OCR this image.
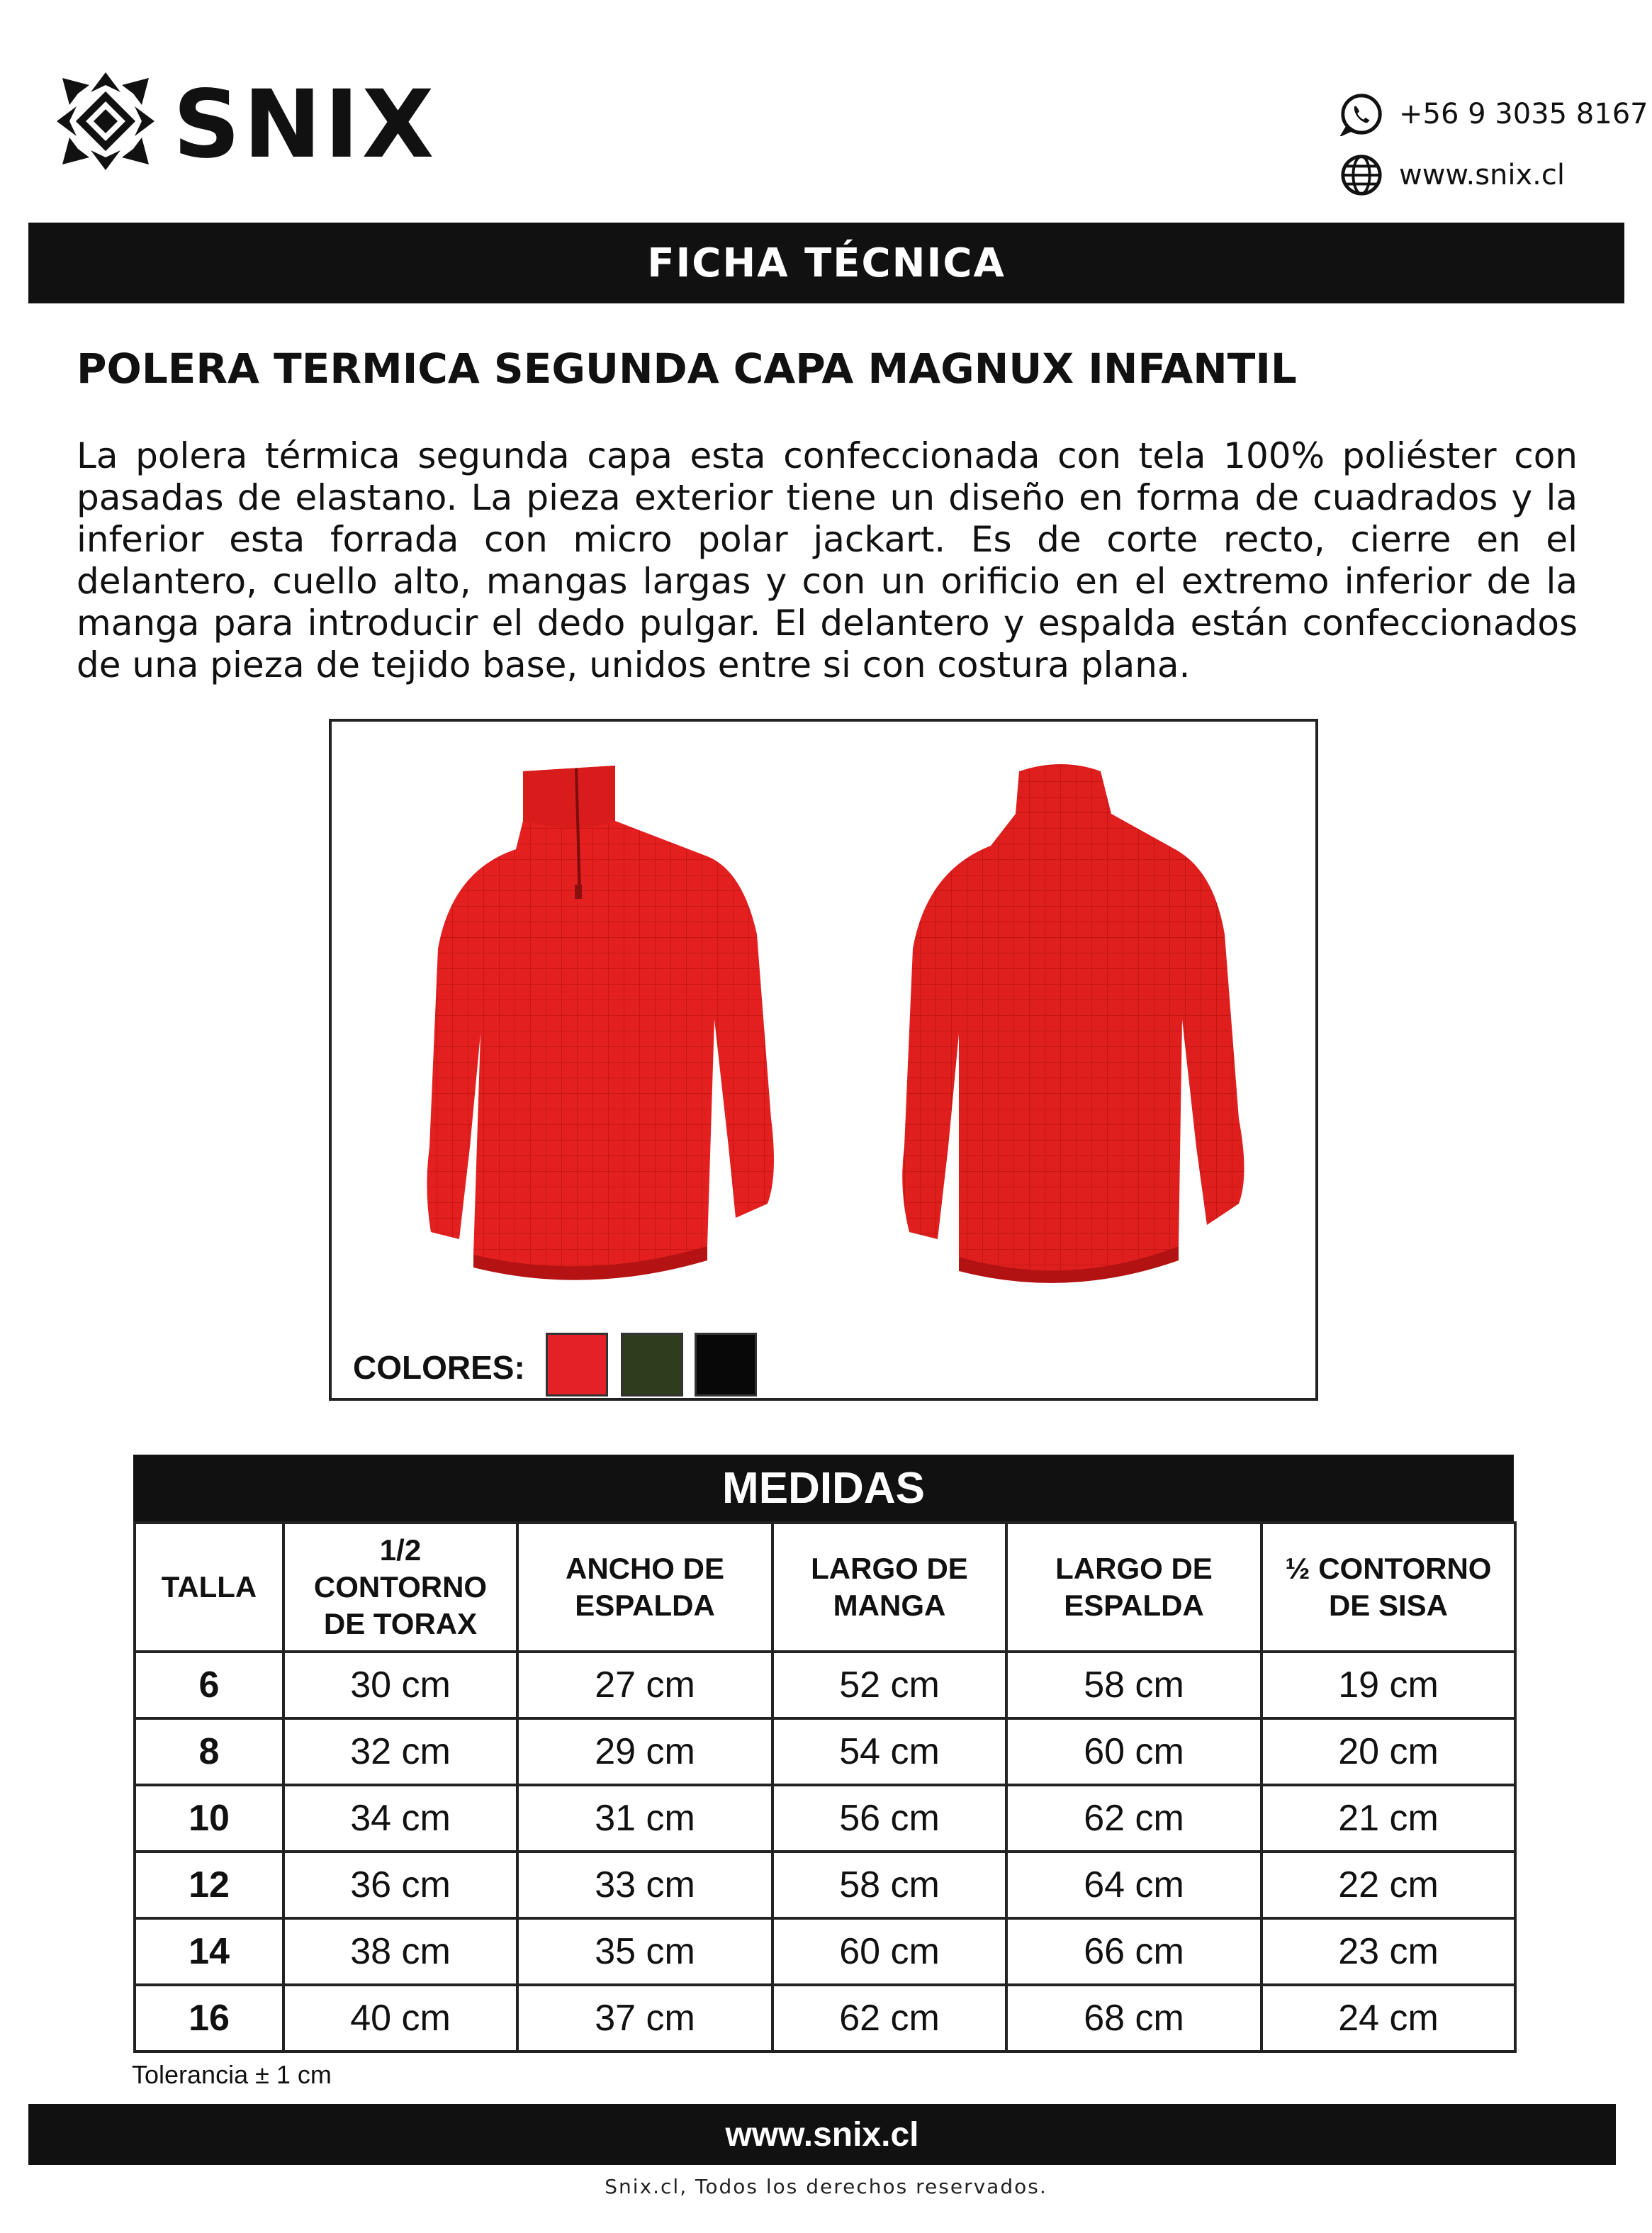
SNIX	+56 9 3035 8167
www.snix.cl
FICHA TÉCNICA
POLERA TERMICA SEGUNDA CAPA MAGNUX INFANTIL
La polera térmica segunda capa esta confeccionada con tela 100% poliéster con pasadas de elastano. La pieza exterior tiene un diseño en forma de cuadrados y la inferior esta forrada con micro polar jackart. Es de corte recto, cierre en el delantero, cuello alto, mangas largas y con un orificio en el extremo inferior de la manga para introducir el dedo pulgar. El delantero y espalda están confeccionados de una pieza de tejido base, unidos entre si con costura plana.
COLORES:
MEDIDAS
TALLA	1/2 CONTORNO DE TORAX	ANCHO DE ESPALDA	LARGO DE MANGA	LARGO DE ESPALDA	½ CONTORNO DE SISA
6	30 cm	27 cm	52 cm	58 cm	19 cm
8	32 cm	29 cm	54 cm	60 cm	20 cm
10	34 cm	31 cm	56 cm	62 cm	21 cm
12	36 cm	33 cm	58 cm	64 cm	22 cm
14	38 cm	35 cm	60 cm	66 cm	23 cm
16	40 cm	37 cm	62 cm	68 cm	24 cm
Tolerancia ± 1 cm
www.snix.cl
Snix.cl, Todos los derechos reservados.
